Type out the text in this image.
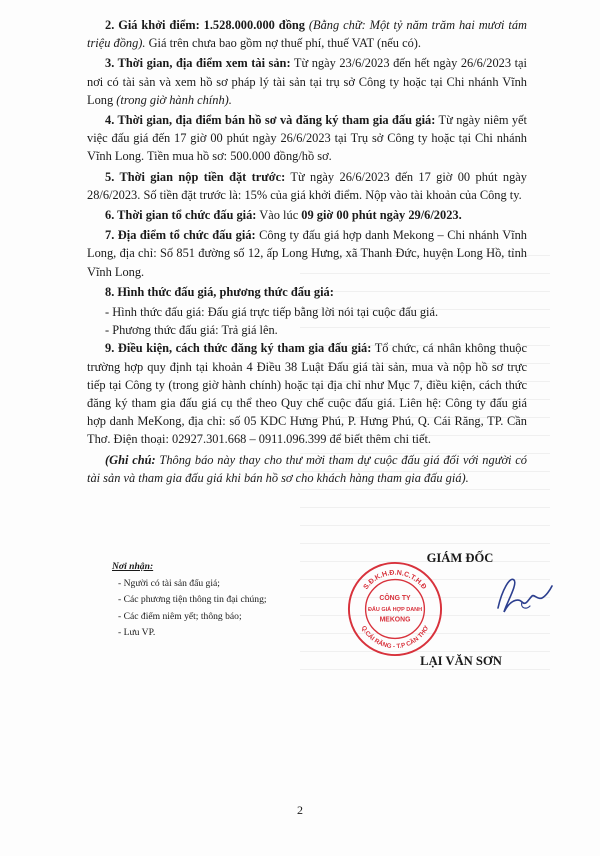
2. Giá khởi điểm: 1.528.000.000 đồng (Bằng chữ: Một tỷ năm trăm hai mươi tám triệu đồng). Giá trên chưa bao gồm nợ thuế phí, thuế VAT (nếu có).

3. Thời gian, địa điểm xem tài sản: Từ ngày 23/6/2023 đến hết ngày 26/6/2023 tại nơi có tài sản và xem hồ sơ pháp lý tài sản tại trụ sở Công ty hoặc tại Chi nhánh Vĩnh Long (trong giờ hành chính).

4. Thời gian, địa điểm bán hồ sơ và đăng ký tham gia đấu giá: Từ ngày niêm yết việc đấu giá đến 17 giờ 00 phút ngày 26/6/2023 tại Trụ sở Công ty hoặc tại Chi nhánh Vĩnh Long. Tiền mua hồ sơ: 500.000 đồng/hồ sơ.

5. Thời gian nộp tiền đặt trước: Từ ngày 26/6/2023 đến 17 giờ 00 phút ngày 28/6/2023. Số tiền đặt trước là: 15% của giá khởi điểm. Nộp vào tài khoản của Công ty.

6. Thời gian tổ chức đấu giá: Vào lúc 09 giờ 00 phút ngày 29/6/2023.

7. Địa điểm tổ chức đấu giá: Công ty đấu giá hợp danh Mekong – Chi nhánh Vĩnh Long, địa chỉ: Số 851 đường số 12, ấp Long Hưng, xã Thanh Đức, huyện Long Hồ, tỉnh Vĩnh Long.

8. Hình thức đấu giá, phương thức đấu giá:

- Hình thức đấu giá: Đấu giá trực tiếp bằng lời nói tại cuộc đấu giá.

- Phương thức đấu giá: Trả giá lên.

9. Điều kiện, cách thức đăng ký tham gia đấu giá: Tổ chức, cá nhân không thuộc trường hợp quy định tại khoản 4 Điều 38 Luật Đấu giá tài sản, mua và nộp hồ sơ trực tiếp tại Công ty (trong giờ hành chính) hoặc tại địa chỉ như Mục 7, điều kiện, cách thức đăng ký tham gia đấu giá cụ thể theo Quy chế cuộc đấu giá. Liên hệ: Công ty đấu giá hợp danh MeKong, địa chỉ: số 05 KDC Hưng Phú, P. Hưng Phú, Q. Cái Răng, TP. Cần Thơ. Điện thoại: 02927.301.668 – 0911.096.399 để biết thêm chi tiết.

(Ghi chú: Thông báo này thay cho thư mời tham dự cuộc đấu giá đối với người có tài sản và tham gia đấu giá khi bán hồ sơ cho khách hàng tham gia đấu giá).

Nơi nhận:
- Người có tài sản đấu giá;
- Các phương tiện thông tin đại chúng;
- Các điểm niêm yết; thông báo;
- Lưu VP.
S.Đ.K.H.Đ.N.C.T.H.Đ
Q.CÁI RĂNG - T.P CẦN THƠ
CÔNG TY
ĐẤU GIÁ HỢP DANH
MEKONG
GIÁM ĐỐC
LẠI VĂN SƠN
2
